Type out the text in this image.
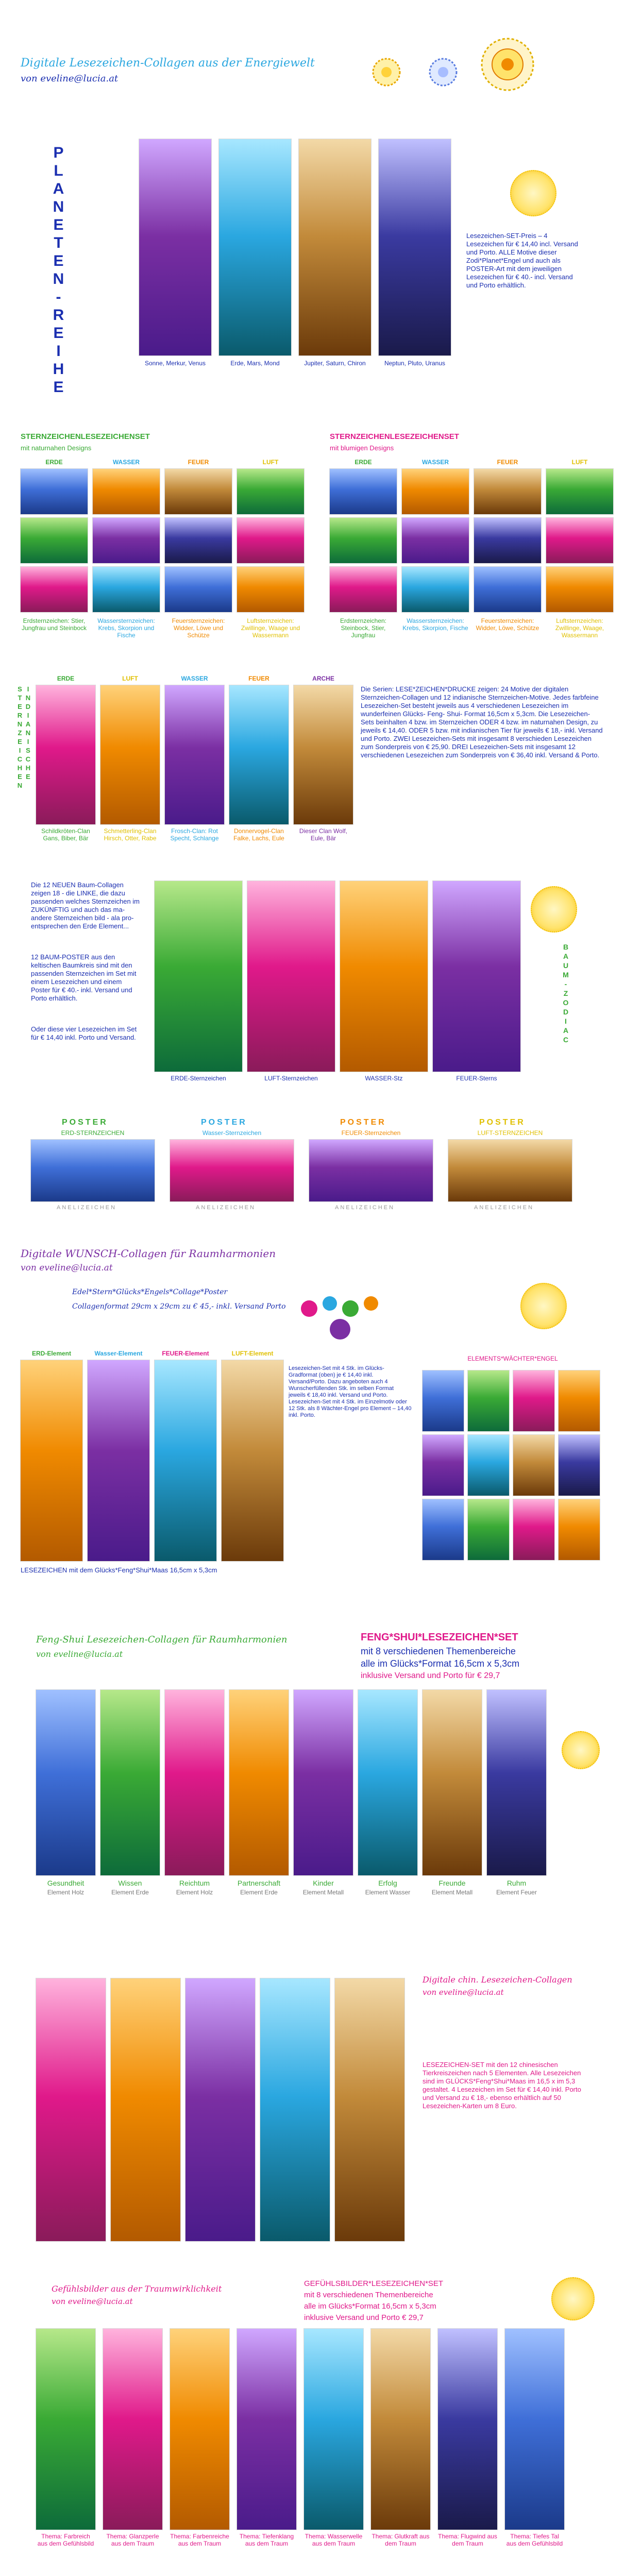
Digitale Lesezeichen-Collagen aus der Energiewelt
von eveline@lucia.at
PLANETEN-REIHE	Sonne, Merkur, Venus	Erde, Mars, Mond	Jupiter, Saturn, Chiron	Neptun, Pluto, Uranus
Lesezeichen-SET-Preis – 4 Lesezeichen für € 14,40 incl. Versand und Porto. ALLE Motive dieser Zodi*Planet*Engel und auch als POSTER-Art mit dem jeweiligen Lesezeichen für € 40.- incl. Versand und Porto erhältlich.
STERNZEICHENLESEZEICHENSET
mit naturnahen Designs
STERNZEICHENLESEZEICHENSET
mit blumigen Designs
ERDE
Erdsternzeichen: Stier, Jungfrau und Steinbock
WASSER
Wassersternzeichen: Krebs, Skorpion und Fische
FEUER
Feuersternzeichen: Widder, Löwe und Schütze
LUFT
Luftsternzeichen: Zwillinge, Waage und Wassermann
ERDE
Erdsternzeichen: Steinbock, Stier, Jungfrau
WASSER
Wassersternzeichen: Krebs, Skorpion, Fische
FEUER
Feuersternzeichen: Widder, Löwe, Schütze
LUFT
Luftsternzeichen: Zwillinge, Waage, Wassermann
INDIANISCHE STERNZEICHEN
ERDE
Schildkröten-Clan Gans, Biber, Bär
LUFT
Schmetterling-Clan Hirsch, Otter, Rabe
WASSER
Frosch-Clan: Rot Specht, Schlange
FEUER
Donnervogel-Clan Falke, Lachs, Eule
ARCHE
Dieser Clan Wolf, Eule, Bär
Die Serien: LESE*ZEICHEN*DRUCKE zeigen: 24 Motive der digitalen Sternzeichen-Collagen und 12 indianische Sternzeichen-Motive. Jedes farbfeine Lesezeichen-Set besteht jeweils aus 4 verschiedenen Lesezeichen im wunderfeinen Glücks- Feng- Shui- Format 16,5cm x 5,3cm. Die Lesezeichen-Sets beinhalten 4 bzw. im Sternzeichen ODER 4 bzw. im naturnahen Design, zu jeweils € 14,40. ODER 5 bzw. mit indianischen Tier für jeweils € 18,- inkl. Versand und Porto. ZWEI Lesezeichen-Sets mit insgesamt 8 verschieden Lesezeichen zum Sonderpreis von € 25,90. DREI Lesezeichen-Sets mit insgesamt 12 verschiedenen Lesezeichen zum Sonderpreis von € 36,40 inkl. Versand & Porto.
Die 12 NEUEN Baum-Collagen zeigen 18 - die LINKE, die dazu passenden welches Sternzeichen im ZUKÜNFTIG und auch das ma- andere Sternzeichen bild - ala pro- entsprechen den Erde Element...
12 BAUM-POSTER aus den keltischen Baumkreis sind mit den passenden Sternzeichen im Set mit einem Lesezeichen und einem Poster für € 40.- inkl. Versand und Porto erhältlich.
Oder diese vier Lesezeichen im Set für € 14,40 inkl. Porto und Versand.
ERDE-Sternzeichen	LUFT-Sternzeichen	WASSER-Stz	FEUER-Sterns
BAUM-ZODIAC
POSTER
ERD-STERNZEICHEN
ANELIZEICHEN
POSTER
Wasser-Sternzeichen
ANELIZEICHEN
POSTER
FEUER-Sternzeichen
ANELIZEICHEN
POSTER
LUFT-STERNZEICHEN
ANELIZEICHEN
Digitale WUNSCH-Collagen für Raumharmonien
von eveline@lucia.at
Edel*Stern*Glücks*Engels*Collage*Poster
Collagenformat 29cm x 29cm zu € 45,- inkl. Versand Porto
ERD-Element	Wasser-Element	FEUER-Element	LUFT-Element
ELEMENTS*WÄCHTER*ENGEL
LESEZEICHEN mit dem Glücks*Feng*Shui*Maas 16,5cm x 5,3cm
Lesezeichen-Set mit 4 Stk. im Glücks-Gradformat (oben) je € 14,40 inkl. Versand/Porto. Dazu angeboten auch 4 Wunscherfüllenden Stk. im selben Format jeweils € 18,40 inkl. Versand und Porto. Lesezeichen-Set mit 4 Stk. im Einzelmotiv oder 12 Stk. als 8 Wächter-Engel pro Element – 14,40 inkl. Porto.
Feng-Shui Lesezeichen-Collagen für Raumharmonien
von eveline@lucia.at
FENG*SHUI*LESEZEICHEN*SET
mit 8 verschiedenen Themenbereiche
alle im Glücks*Format 16,5cm x 5,3cm
inklusive Versand und Porto für € 29,7
Gesundheit
Element Holz
Wissen
Element Erde
Reichtum
Element Holz
Partnerschaft
Element Erde
Kinder
Element Metall
Erfolg
Element Wasser
Freunde
Element Metall
Ruhm
Element Feuer
Digitale chin. Lesezeichen-Collagen
von eveline@lucia.at
LESEZEICHEN-SET mit den 12 chinesischen Tierkreiszeichen nach 5 Elementen. Alle Lesezeichen sind im GLÜCKS*Feng*Shui*Maas im 16,5 x im 5,3 gestaltet. 4 Lesezeichen im Set für € 14,40 inkl. Porto und Versand zu € 18,- ebenso erhältlich auf 50 Lesezeichen-Karten um 8 Euro.
Gefühlsbilder aus der Traumwirklichkeit
von eveline@lucia.at
GEFÜHLSBILDER*LESEZEICHEN*SET
mit 8 verschiedenen Themenbereiche
alle im Glücks*Format 16,5cm x 5,3cm
inklusive Versand und Porto € 29,7
Thema: Farbreich aus dem Gefühlsbild
Thema: Glanzperle aus dem Traum
Thema: Farbenreiche aus dem Traum
Thema: Tiefenklang aus dem Traum
Thema: Wasserwelle aus dem Traum
Thema: Glutkraft aus dem Traum
Thema: Flugwind aus dem Traum
Thema: Tiefes Tal aus dem Gefühlsbild
